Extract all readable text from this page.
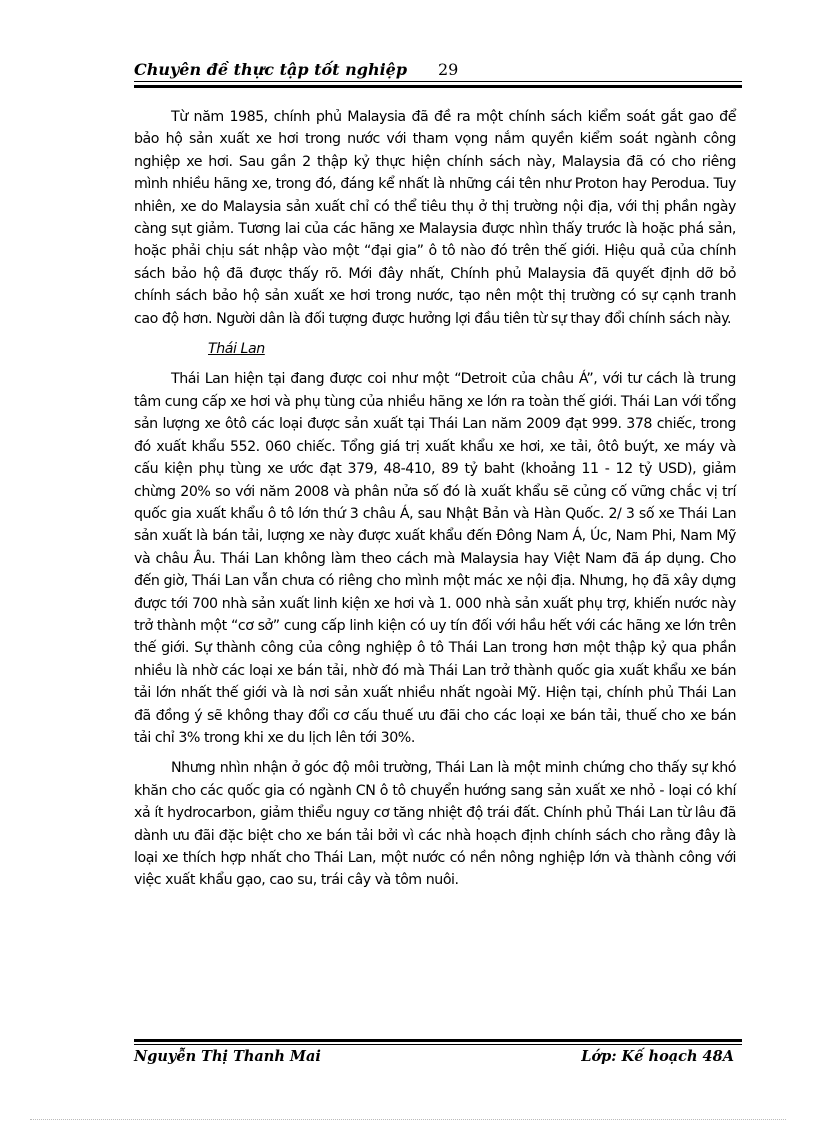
Chuyên đề thực tập tốt nghiệp 29

Từ năm 1985, chính phủ Malaysia đã đề ra một chính sách kiểm soát gắt gao để bảo hộ sản xuất xe hơi trong nước với tham vọng nắm quyền kiểm soát ngành công nghiệp xe hơi. Sau gần 2 thập kỷ thực hiện chính sách này, Malaysia đã có cho riêng mình nhiều hãng xe, trong đó, đáng kể nhất là những cái tên như Proton hay Perodua. Tuy nhiên, xe do Malaysia sản xuất chỉ có thể tiêu thụ ở thị trường nội địa, với thị phần ngày càng sụt giảm. Tương lai của các hãng xe Malaysia được nhìn thấy trước là hoặc phá sản, hoặc phải chịu sát nhập vào một “đại gia” ô tô nào đó trên thế giới. Hiệu quả của chính sách bảo hộ đã được thấy rõ. Mới đây nhất, Chính phủ Malaysia đã quyết định dỡ bỏ chính sách bảo hộ sản xuất xe hơi trong nước, tạo nên một thị trường có sự cạnh tranh cao độ hơn. Người dân là đối tượng được hưởng lợi đầu tiên từ sự thay đổi chính sách này.

Thái Lan

Thái Lan hiện tại đang được coi như một “Detroit của châu Á”, với tư cách là trung tâm cung cấp xe hơi và phụ tùng của nhiều hãng xe lớn ra toàn thế giới. Thái Lan với tổng sản lượng xe ôtô các loại được sản xuất tại Thái Lan năm 2009 đạt 999. 378 chiếc, trong đó xuất khẩu 552. 060 chiếc. Tổng giá trị xuất khẩu xe hơi, xe tải, ôtô buýt, xe máy và cấu kiện phụ tùng xe ước đạt 379, 48-410, 89 tỷ baht (khoảng 11 - 12 tỷ USD), giảm chừng 20% so với năm 2008 và phân nửa số đó là xuất khẩu sẽ củng cố vững chắc vị trí quốc gia xuất khẩu ô tô lớn thứ 3 châu Á, sau Nhật Bản và Hàn Quốc. 2/ 3 số xe Thái Lan sản xuất là bán tải, lượng xe này được xuất khẩu đến Đông Nam Á, Úc, Nam Phi, Nam Mỹ và châu Âu. Thái Lan không làm theo cách mà Malaysia hay Việt Nam đã áp dụng. Cho đến giờ, Thái Lan vẫn chưa có riêng cho mình một mác xe nội địa. Nhưng, họ đã xây dựng được tới 700 nhà sản xuất linh kiện xe hơi và 1. 000 nhà sản xuất phụ trợ, khiến nước này trở thành một “cơ sở” cung cấp linh kiện có uy tín đối với hầu hết với các hãng xe lớn trên thế giới. Sự thành công của công nghiệp ô tô Thái Lan trong hơn một thập kỷ qua phần nhiều là nhờ các loại xe bán tải, nhờ đó mà Thái Lan trở thành quốc gia xuất khẩu xe bán tải lớn nhất thế giới và là nơi sản xuất nhiều nhất ngoài Mỹ. Hiện tại, chính phủ Thái Lan đã đồng ý sẽ không thay đổi cơ cấu thuế ưu đãi cho các loại xe bán tải, thuế cho xe bán tải chỉ 3% trong khi xe du lịch lên tới 30%.

Nhưng nhìn nhận ở góc độ môi trường, Thái Lan là một minh chứng cho thấy sự khó khăn cho các quốc gia có ngành CN ô tô chuyển hướng sang sản xuất xe nhỏ - loại có khí xả ít hydrocarbon, giảm thiểu nguy cơ tăng nhiệt độ trái đất. Chính phủ Thái Lan từ lâu đã dành ưu đãi đặc biệt cho xe bán tải bởi vì các nhà hoạch định chính sách cho rằng đây là loại xe thích hợp nhất cho Thái Lan, một nước có nền nông nghiệp lớn và thành công với việc xuất khẩu gạo, cao su, trái cây và tôm nuôi.

Nguyễn Thị Thanh Mai	Lớp: Kế hoạch 48A
